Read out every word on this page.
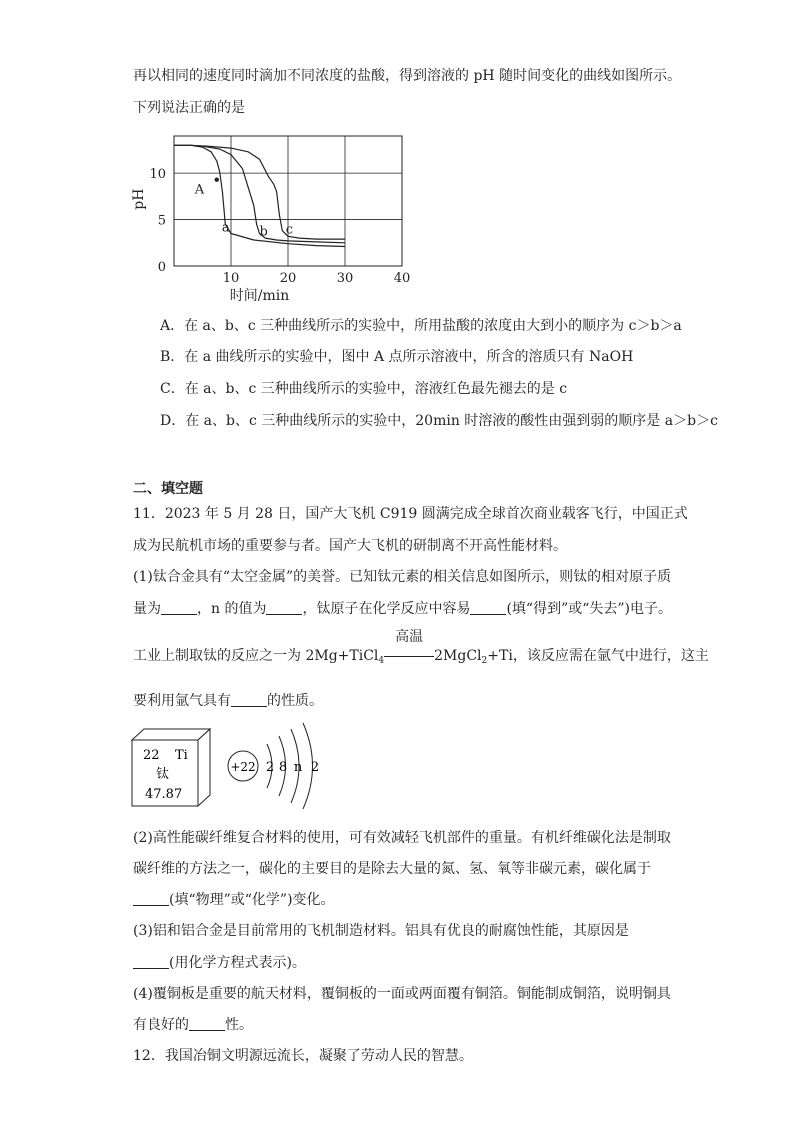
再以相同的速度同时滴加不同浓度的盐酸，得到溶液的 pH 随时间变化的曲线如图所示。
下列说法正确的是
10	20	30	40
0
5
10
时间/min
pH
a b c
A
A．在 a、b、c 三种曲线所示的实验中，所用盐酸的浓度由大到小的顺序为 c＞b＞a
B．在 a 曲线所示的实验中，图中 A 点所示溶液中，所含的溶质只有 NaOH
C．在 a、b、c 三种曲线所示的实验中，溶液红色最先褪去的是 c
D．在 a、b、c 三种曲线所示的实验中，20min 时溶液的酸性由强到弱的顺序是 a＞b＞c
二、填空题
11．2023 年 5 月 28 日，国产大飞机 C919 圆满完成全球首次商业载客飞行，中国正式
成为民航机市场的重要参与者。国产大飞机的研制离不开高性能材料。
(1)钛合金具有“太空金属”的美誉。已知钛元素的相关信息如图所示，则钛的相对原子质
量为	，n 的值为	，钛原子在化学反应中容易	(填“得到”或“失去”)电子。
工业上制取钛的反应之一为 2Mg+TiCl$_4$
高温
2MgCl$_2$+Ti，该反应需在氩气中进行，这主
要利用氩气具有	的性质。
22 Ti
钛
47.87
+22 2 8 n 2
(2)高性能碳纤维复合材料的使用，可有效减轻飞机部件的重量。有机纤维碳化法是制取
碳纤维的方法之一，碳化的主要目的是除去大量的氮、氢、氧等非碳元素，碳化属于
(填“物理”或“化学”)变化。
(3)铝和铝合金是目前常用的飞机制造材料。铝具有优良的耐腐蚀性能，其原因是
(用化学方程式表示)。
(4)覆铜板是重要的航天材料，覆铜板的一面或两面覆有铜箔。铜能制成铜箔，说明铜具
有良好的	性。
12．我国冶铜文明源远流长，凝聚了劳动人民的智慧。
